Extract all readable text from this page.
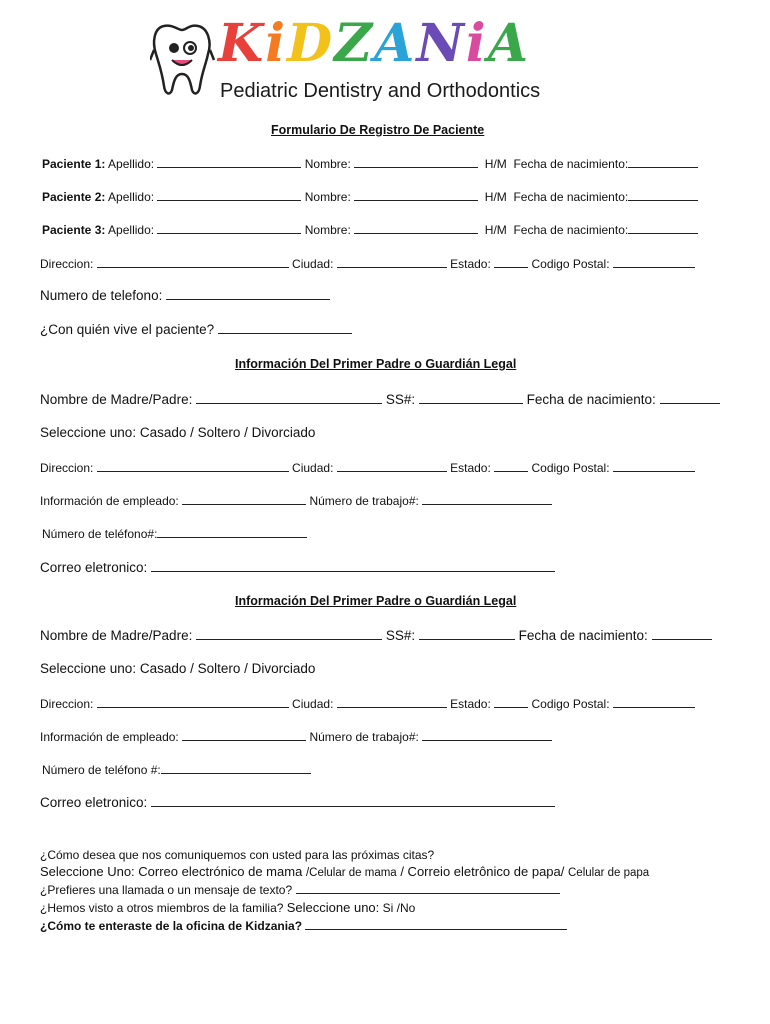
KiDZANiA
Pediatric Dentistry and Orthodontics
Formulario De Registro De Paciente
Paciente 1: Apellido:	Nombre:	H/M Fecha de nacimiento:
Paciente 2: Apellido:	Nombre:	H/M Fecha de nacimiento:
Paciente 3: Apellido:	Nombre:	H/M Fecha de nacimiento:
Direccion:	Ciudad:	Estado:	Codigo Postal:
Numero de telefono:
¿Con quién vive el paciente?
Información Del Primer Padre o Guardián Legal
Nombre de Madre/Padre:	SS#:	Fecha de nacimiento:
Seleccione uno: Casado / Soltero / Divorciado
Direccion:	Ciudad:	Estado:	Codigo Postal:
Información de empleado:	Número de trabajo#:
Número de teléfono#:
Correo eletronico:
Información Del Primer Padre o Guardián Legal
Nombre de Madre/Padre:	SS#:	Fecha de nacimiento:
Seleccione uno: Casado / Soltero / Divorciado
Direccion:	Ciudad:	Estado:	Codigo Postal:
Información de empleado:	Número de trabajo#:
Número de teléfono #:
Correo eletronico:
¿Cómo desea que nos comuniquemos con usted para las próximas citas?
Seleccione Uno: Correo electrónico de mama /Celular de mama / Correio eletrônico de papa/ Celular de papa
¿Prefieres una llamada o un mensaje de texto?
¿Hemos visto a otros miembros de la familia? Seleccione uno: Si /No
¿Cómo te enteraste de la oficina de Kidzania?
